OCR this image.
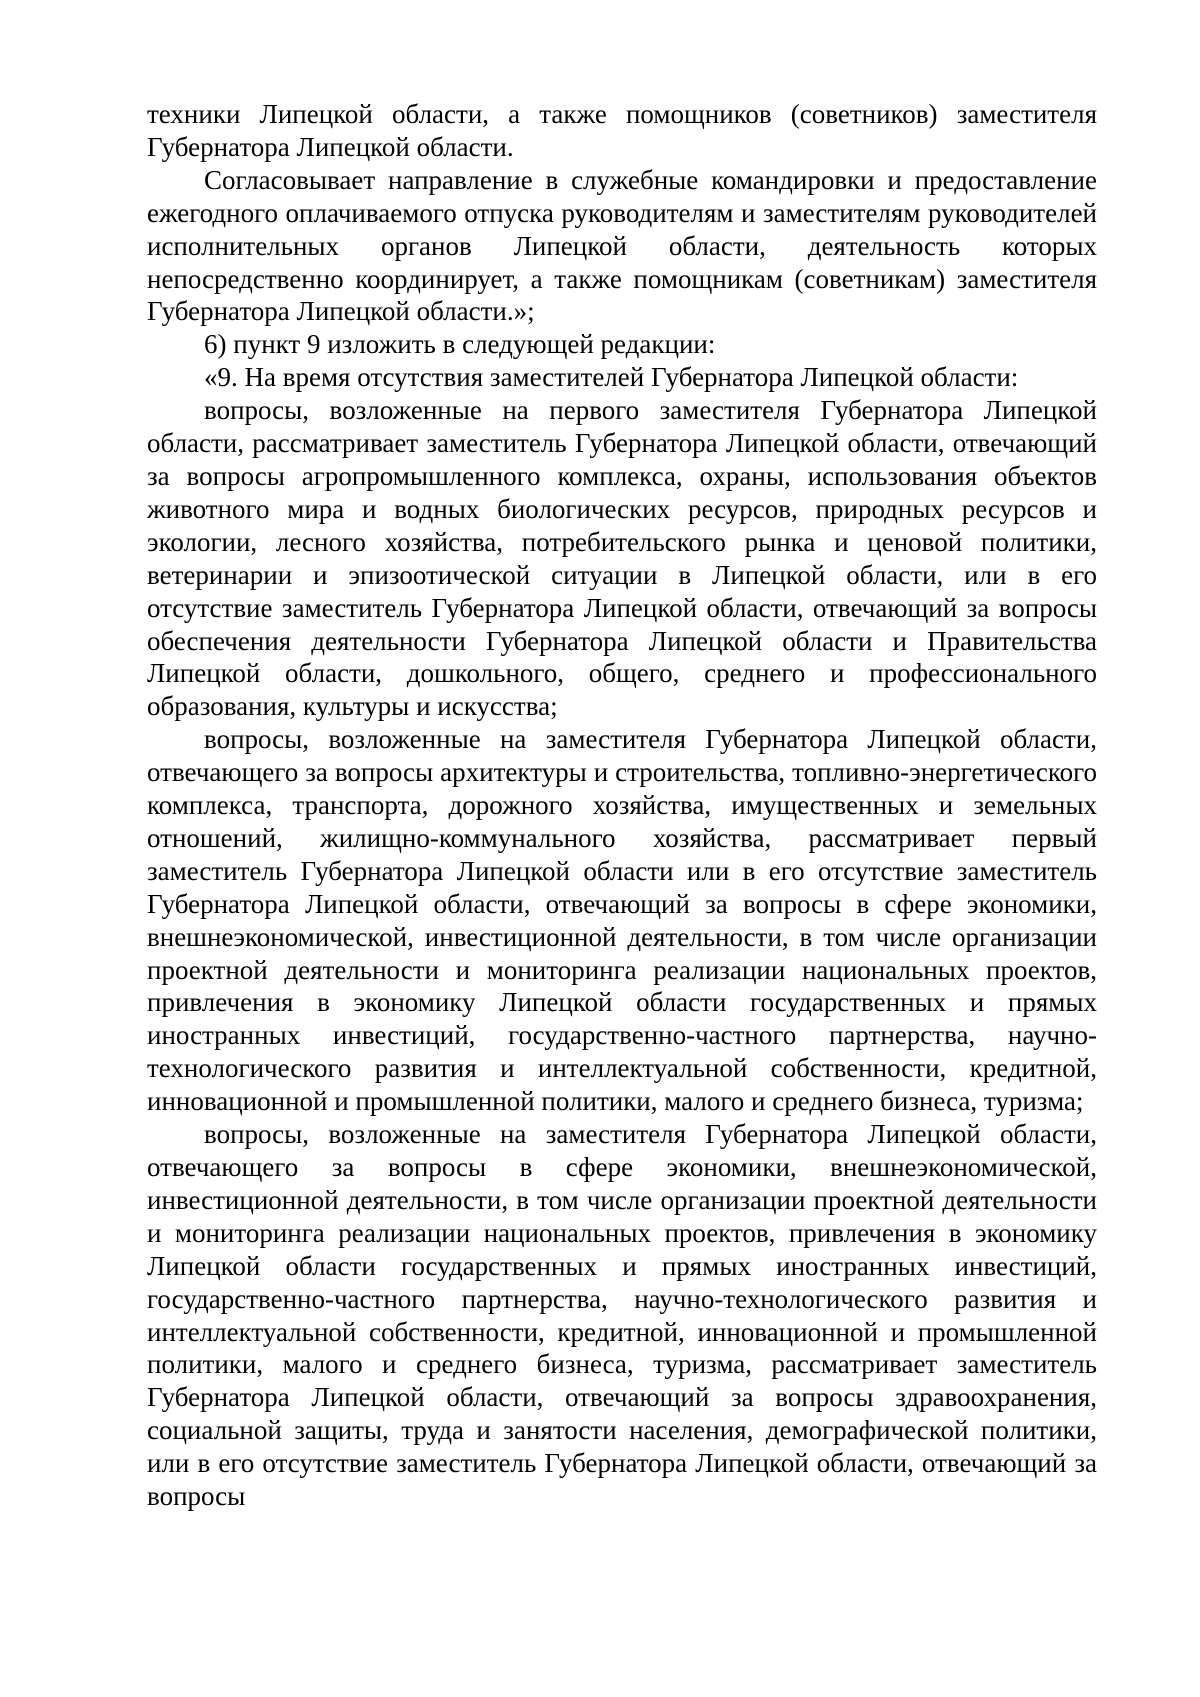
техники Липецкой области, а также помощников (советников) заместителя Губернатора Липецкой области.

Согласовывает направление в служебные командировки и предоставление ежегодного оплачиваемого отпуска руководителям и заместителям руководителей исполнительных органов Липецкой области, деятельность которых непосредственно координирует, а также помощникам (советникам) заместителя Губернатора Липецкой области.»;

6) пункт 9 изложить в следующей редакции:

«9. На время отсутствия заместителей Губернатора Липецкой области:

вопросы, возложенные на первого заместителя Губернатора Липецкой области, рассматривает заместитель Губернатора Липецкой области, отвечающий за вопросы агропромышленного комплекса, охраны, использования объектов животного мира и водных биологических ресурсов, природных ресурсов и экологии, лесного хозяйства, потребительского рынка и ценовой политики, ветеринарии и эпизоотической ситуации в Липецкой области, или в его отсутствие заместитель Губернатора Липецкой области, отвечающий за вопросы обеспечения деятельности Губернатора Липецкой области и Правительства Липецкой области, дошкольного, общего, среднего и профессионального образования, культуры и искусства;

вопросы, возложенные на заместителя Губернатора Липецкой области, отвечающего за вопросы архитектуры и строительства, топливно-энергетического комплекса, транспорта, дорожного хозяйства, имущественных и земельных отношений, жилищно-коммунального хозяйства, рассматривает первый заместитель Губернатора Липецкой области или в его отсутствие заместитель Губернатора Липецкой области, отвечающий за вопросы в сфере экономики, внешнеэкономической, инвестиционной деятельности, в том числе организации проектной деятельности и мониторинга реализации национальных проектов, привлечения в экономику Липецкой области государственных и прямых иностранных инвестиций, государственно-частного партнерства, научно-технологического развития и интеллектуальной собственности, кредитной, инновационной и промышленной политики, малого и среднего бизнеса, туризма;

вопросы, возложенные на заместителя Губернатора Липецкой области, отвечающего за вопросы в сфере экономики, внешнеэкономической, инвестиционной деятельности, в том числе организации проектной деятельности и мониторинга реализации национальных проектов, привлечения в экономику Липецкой области государственных и прямых иностранных инвестиций, государственно-частного партнерства, научно-технологического развития и интеллектуальной собственности, кредитной, инновационной и промышленной политики, малого и среднего бизнеса, туризма, рассматривает заместитель Губернатора Липецкой области, отвечающий за вопросы здравоохранения, социальной защиты, труда и занятости населения, демографической политики, или в его отсутствие заместитель Губернатора Липецкой области, отвечающий за вопросы
